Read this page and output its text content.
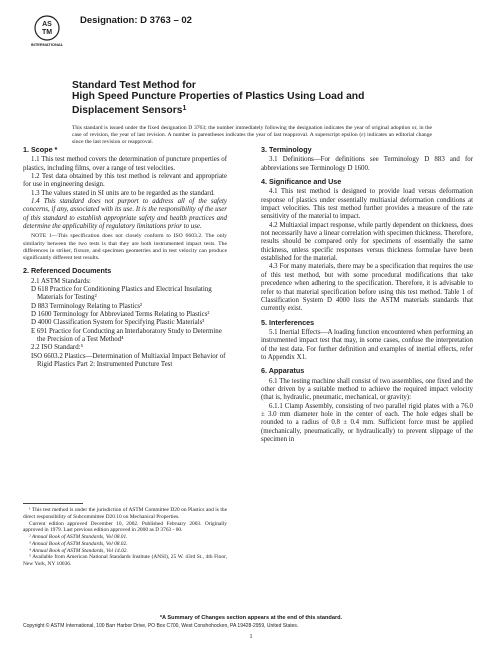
AS
TM
INTERNATIONAL
Designation: D 3763 – 02
Standard Test Method for
High Speed Puncture Properties of Plastics Using Load and
Displacement Sensors$^1$
This standard is issued under the fixed designation D 3763; the number immediately following the designation indicates the year of original adoption or, in the case of revision, the year of last revision. A number in parentheses indicates the year of last reapproval. A superscript epsilon (ε) indicates an editorial change since the last revision or reapproval.
1. Scope *

1.1 This test method covers the determination of puncture properties of plastics, including films, over a range of test velocities.

1.2 Test data obtained by this test method is relevant and appropriate for use in engineering design.

1.3 The values stated in SI units are to be regarded as the standard.

1.4 This standard does not purport to address all of the safety concerns, if any, associated with its use. It is the responsibility of the user of this standard to establish appropriate safety and health practices and determine the applicability of regulatory limitations prior to use.

NOTE 1—This specification does not closely conform to ISO 6603.2. The only similarity between the two tests is that they are both instrumented impact tests. The differences in striker, fixture, and specimen geometries and in test velocity can produce significantly different test results.
2. Referenced Documents

2.1 ASTM Standards:

D 618 Practice for Conditioning Plastics and Electrical Insulating Materials for Testing²
D 883 Terminology Relating to Plastics²
D 1600 Terminology for Abbreviated Terms Relating to Plastics²
D 4000 Classification System for Specifying Plastic Materials³
E 691 Practice for Conducting an Interlaboratory Study to Determine the Precision of a Test Method⁴

2.2 ISO Standard:⁵

ISO 6603.2 Plastics—Determination of Multiaxial Impact Behavior of Rigid Plastics Part 2: Instrumented Puncture Test

¹ This test method is under the jurisdiction of ASTM Committee D20 on Plastics and is the direct responsibility of Subcommittee D20.10 on Mechanical Properties.

Current edition approved December 10, 2002. Published February 2003. Originally approved in 1979. Last previous edition approved in 2000 as D 3763 - 00.

² Annual Book of ASTM Standards, Vol 08.01.

³ Annual Book of ASTM Standards, Vol 08.02.

⁴ Annual Book of ASTM Standards, Vol 14.02.

⁵ Available from American National Standards Institute (ANSI), 25 W. 43rd St., 4th Floor, New York, NY 10036.

3. Terminology

3.1 Definitions—For definitions see Terminology D 883 and for abbreviations see Terminology D 1600.

4. Significance and Use

4.1 This test method is designed to provide load versus deformation response of plastics under essentially multiaxial deformation conditions at impact velocities. This test method further provides a measure of the rate sensitivity of the material to impact.

4.2 Multiaxial impact response, while partly dependent on thickness, does not necessarily have a linear correlation with specimen thickness. Therefore, results should be compared only for specimens of essentially the same thickness, unless specific responses versus thickness formulae have been established for the material.

4.3 For many materials, there may be a specification that requires the use of this test method, but with some procedural modifications that take precedence when adhering to the specification. Therefore, it is advisable to refer to that material specification before using this test method. Table 1 of Classification System D 4000 lists the ASTM materials standards that currently exist.

5. Interferences

5.1 Inertial Effects—A loading function encountered when performing an instrumented impact test that may, in some cases, confuse the interpretation of the test data. For further definition and examples of inertial effects, refer to Appendix X1.

6. Apparatus

6.1 The testing machine shall consist of two assemblies, one fixed and the other driven by a suitable method to achieve the required impact velocity (that is, hydraulic, pneumatic, mechanical, or gravity):

6.1.1 Clamp Assembly, consisting of two parallel rigid plates with a 76.0 ± 3.0 mm diameter hole in the center of each. The hole edges shall be rounded to a radius of 0.8 ± 0.4 mm. Sufficient force must be applied (mechanically, pneumatically, or hydraulically) to prevent slippage of the specimen in

*A Summary of Changes section appears at the end of this standard.
Copyright © ASTM International, 100 Barr Harbor Drive, PO Box C700, West Conshohocken, PA 19428-2959, United States.
1
